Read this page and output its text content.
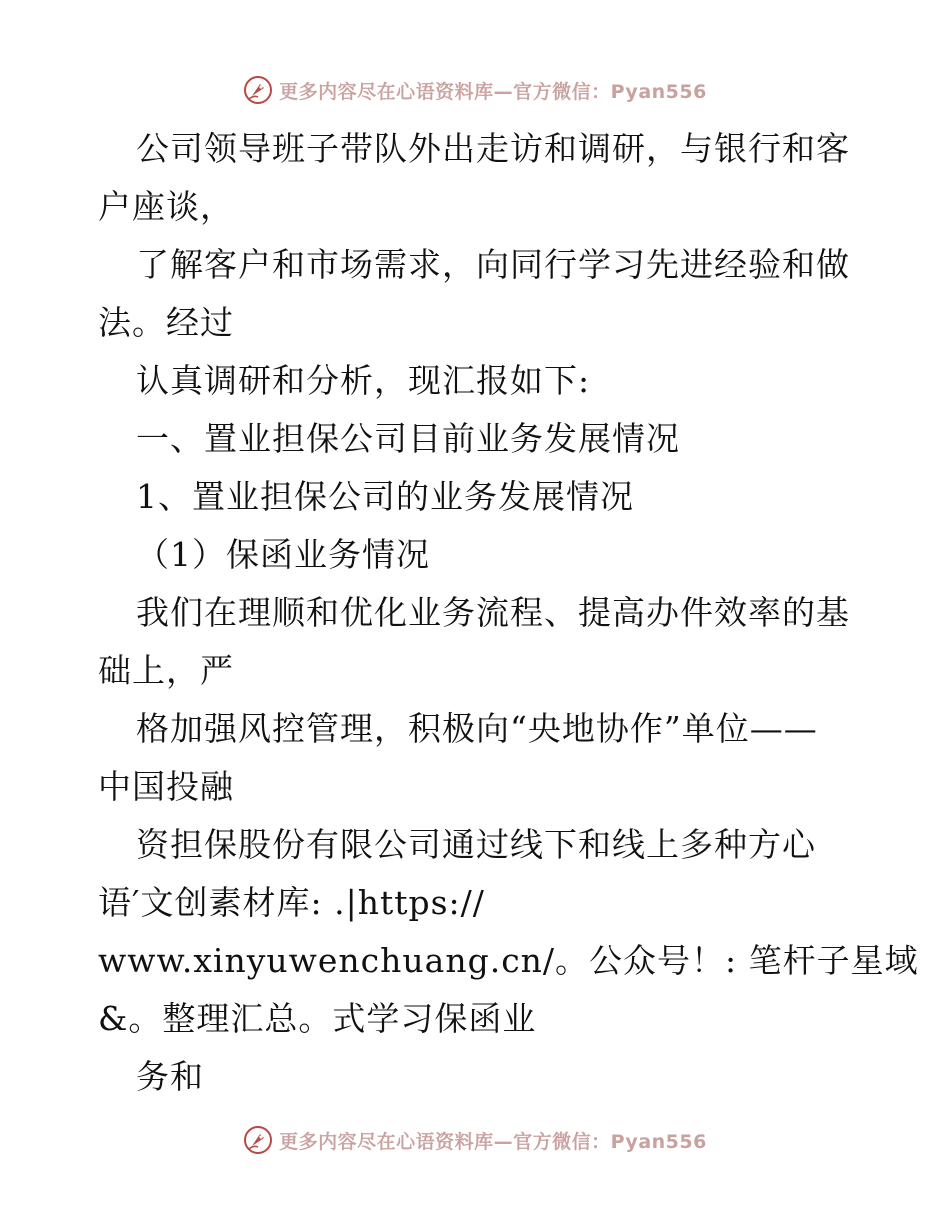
更多内容尽在心语资料库—官方微信：Pyan556
公司领导班子带队外出走访和调研，与银行和客
户座谈，
了解客户和市场需求，向同行学习先进经验和做
法。经过
认真调研和分析，现汇报如下:
一、置业担保公司目前业务发展情况
1、置业担保公司的业务发展情况
（1）保函业务情况
我们在理顺和优化业务流程、提高办件效率的基
础上，严
格加强风控管理，积极向“央地协作”单位——
中国投融
资担保股份有限公司通过线下和线上多种方心
语′文创素材库: .|https://
www.xinyuwenchuang.cn/。公众号！: 笔杆子星域
&。整理汇总。式学习保函业
务和
更多内容尽在心语资料库—官方微信：Pyan556
